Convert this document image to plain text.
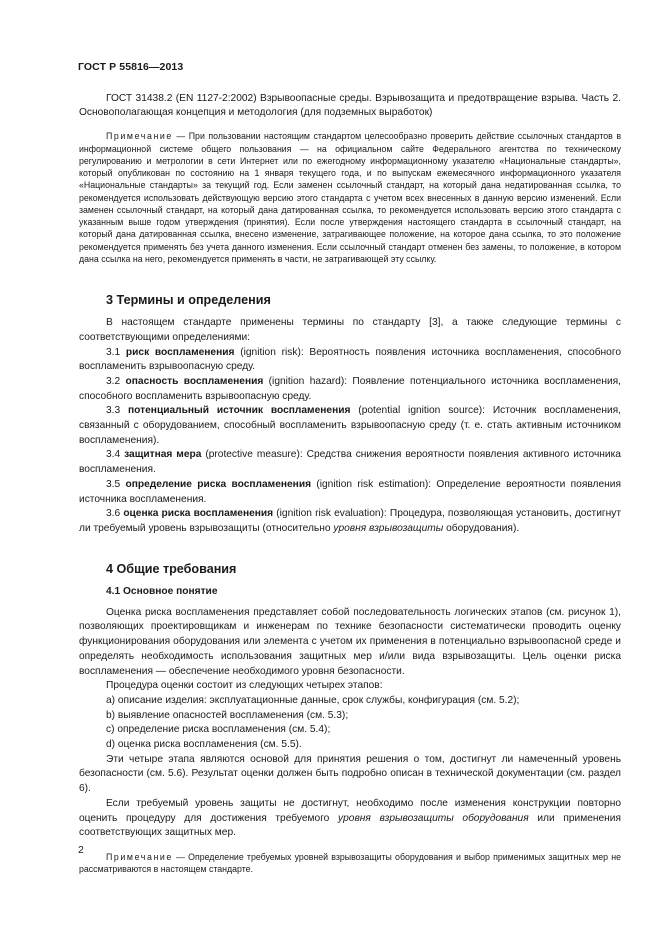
ГОСТ Р 55816—2013

ГОСТ 31438.2 (EN 1127-2:2002) Взрывоопасные среды. Взрывозащита и предотвращение взрыва. Часть 2. Основополагающая концепция и методология (для подземных выработок)

Примечание — При пользовании настоящим стандартом целесообразно проверить действие ссылочных стандартов в информационной системе общего пользования — на официальном сайте Федерального агентства по техническому регулированию и метрологии в сети Интернет или по ежегодному информационному указателю «Национальные стандарты», который опубликован по состоянию на 1 января текущего года, и по выпускам ежемесячного информационного указателя «Национальные стандарты» за текущий год. Если заменен ссылочный стандарт, на который дана недатированная ссылка, то рекомендуется использовать действующую версию этого стандарта с учетом всех внесенных в данную версию изменений. Если заменен ссылочный стандарт, на который дана датированная ссылка, то рекомендуется использовать версию этого стандарта с указанным выше годом утверждения (принятия). Если после утверждения настоящего стандарта в ссылочный стандарт, на который дана датированная ссылка, внесено изменение, затрагивающее положение, на которое дана ссылка, то это положение рекомендуется применять без учета данного изменения. Если ссылочный стандарт отменен без замены, то положение, в котором дана ссылка на него, рекомендуется применять в части, не затрагивающей эту ссылку.

3 Термины и определения

В настоящем стандарте применены термины по стандарту [3], а также следующие термины с соответствующими определениями:

3.1 риск воспламенения (ignition risk): Вероятность появления источника воспламенения, способного воспламенить взрывоопасную среду.

3.2 опасность воспламенения (ignition hazard): Появление потенциального источника воспламенения, способного воспламенить взрывоопасную среду.

3.3 потенциальный источник воспламенения (potential ignition source): Источник воспламенения, связанный с оборудованием, способный воспламенить взрывоопасную среду (т. е. стать активным источником воспламенения).

3.4 защитная мера (protective measure): Средства снижения вероятности появления активного источника воспламенения.

3.5 определение риска воспламенения (ignition risk estimation): Определение вероятности появления источника воспламенения.

3.6 оценка риска воспламенения (ignition risk evaluation): Процедура, позволяющая установить, достигнут ли требуемый уровень взрывозащиты (относительно уровня взрывозащиты оборудования).

4 Общие требования
4.1 Основное понятие

Оценка риска воспламенения представляет собой последовательность логических этапов (см. рисунок 1), позволяющих проектировщикам и инженерам по технике безопасности систематически проводить оценку функционирования оборудования или элемента с учетом их применения в потенциально взрывоопасной среде и определять необходимость использования защитных мер и/или вида взрывозащиты. Цель оценки риска воспламенения — обеспечение необходимого уровня безопасности.

Процедура оценки состоит из следующих четырех этапов:

a) описание изделия: эксплуатационные данные, срок службы, конфигурация (см. 5.2);

b) выявление опасностей воспламенения (см. 5.3);

c) определение риска воспламенения (см. 5.4);

d) оценка риска воспламенения (см. 5.5).

Эти четыре этапа являются основой для принятия решения о том, достигнут ли намеченный уровень безопасности (см. 5.6). Результат оценки должен быть подробно описан в технической документации (см. раздел 6).

Если требуемый уровень защиты не достигнут, необходимо после изменения конструкции повторно оценить процедуру для достижения требуемого уровня взрывозащиты оборудования или применения соответствующих защитных мер.

Примечание — Определение требуемых уровней взрывозащиты оборудования и выбор применимых защитных мер не рассматриваются в настоящем стандарте.

2
